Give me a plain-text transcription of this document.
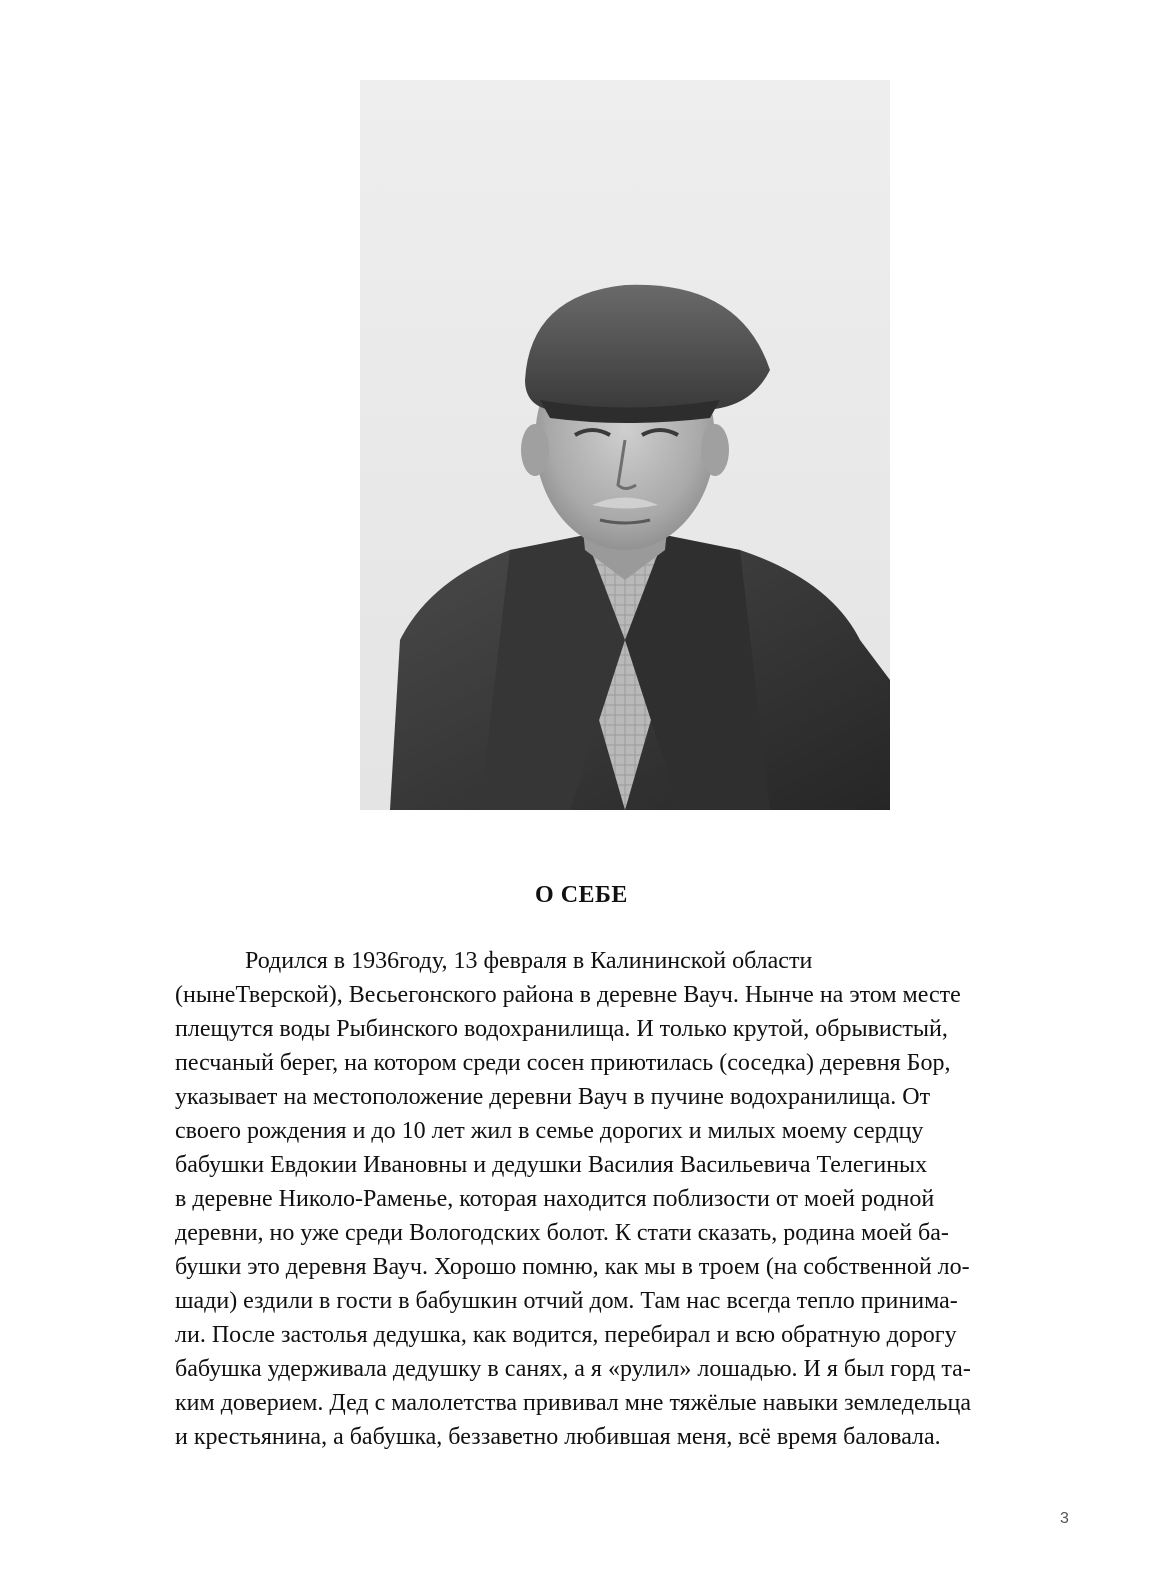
О СЕБЕ

Родился в 1936году, 13 февраля в Калининской области
(нынеТверской), Весьегонского района в деревне Вауч. Нынче на этом месте
плещутся воды Рыбинского водохранилища. И только крутой, обрывистый,
песчаный берег, на котором среди сосен приютилась (соседка) деревня Бор,
указывает на местоположение деревни Вауч в пучине водохранилища. От
своего рождения и до 10 лет жил в семье дорогих и милых моему сердцу
бабушки Евдокии Ивановны и дедушки Василия Васильевича Телегиных
в деревне Николо-Раменье, которая находится поблизости от моей родной
деревни, но уже среди Вологодских болот. К стати сказать, родина моей ба-
бушки это деревня Вауч. Хорошо помню, как мы в троем (на собственной ло-
шади) ездили в гости в бабушкин отчий дом. Там нас всегда тепло принима-
ли. После застолья дедушка, как водится, перебирал и всю обратную дорогу
бабушка удерживала дедушку в санях, а я «рулил» лошадью. И я был горд та-
ким доверием. Дед с малолетства прививал мне тяжёлые навыки земледельца
и крестьянина, а бабушка, беззаветно любившая меня, всё время баловала.

3
